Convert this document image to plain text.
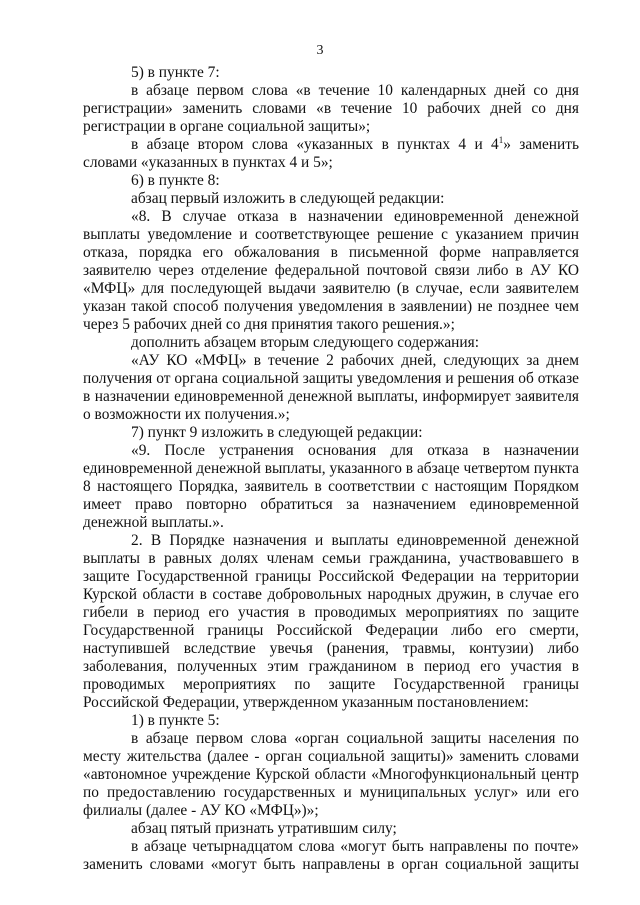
3
5) в пункте 7:
в абзаце первом слова «в течение 10 календарных дней со дня
регистрации» заменить словами «в течение 10 рабочих дней со дня
регистрации в органе социальной защиты»;
в абзаце втором слова «указанных в пунктах 4 и $4^1$» заменить
словами «указанных в пунктах 4 и 5»;
6) в пункте 8:
абзац первый изложить в следующей редакции:
«8. В случае отказа в назначении единовременной денежной
выплаты уведомление и соответствующее решение с указанием причин
отказа, порядка его обжалования в письменной форме направляется
заявителю через отделение федеральной почтовой связи либо в АУ КО
«МФЦ» для последующей выдачи заявителю (в случае, если заявителем
указан такой способ получения уведомления в заявлении) не позднее чем
через 5 рабочих дней со дня принятия такого решения.»;
дополнить абзацем вторым следующего содержания:
«АУ КО «МФЦ» в течение 2 рабочих дней, следующих за днем
получения от органа социальной защиты уведомления и решения об отказе
в назначении единовременной денежной выплаты, информирует заявителя
о возможности их получения.»;
7) пункт 9 изложить в следующей редакции:
«9. После устранения основания для отказа в назначении
единовременной денежной выплаты, указанного в абзаце четвертом пункта
8 настоящего Порядка, заявитель в соответствии с настоящим Порядком
имеет право повторно обратиться за назначением единовременной
денежной выплаты.».
2. В Порядке назначения и выплаты единовременной денежной
выплаты в равных долях членам семьи гражданина, участвовавшего в
защите Государственной границы Российской Федерации на территории
Курской области в составе добровольных народных дружин, в случае его
гибели в период его участия в проводимых мероприятиях по защите
Государственной границы Российской Федерации либо его смерти,
наступившей вследствие увечья (ранения, травмы, контузии) либо
заболевания, полученных этим гражданином в период его участия в
проводимых мероприятиях по защите Государственной границы
Российской Федерации, утвержденном указанным постановлением:
1) в пункте 5:
в абзаце первом слова «орган социальной защиты населения по
месту жительства (далее - орган социальной защиты)» заменить словами
«автономное учреждение Курской области «Многофункциональный центр
по предоставлению государственных и муниципальных услуг» или его
филиалы (далее - АУ КО «МФЦ»)»;
абзац пятый признать утратившим силу;
в абзаце четырнадцатом слова «могут быть направлены по почте»
заменить словами «могут быть направлены в орган социальной защиты
